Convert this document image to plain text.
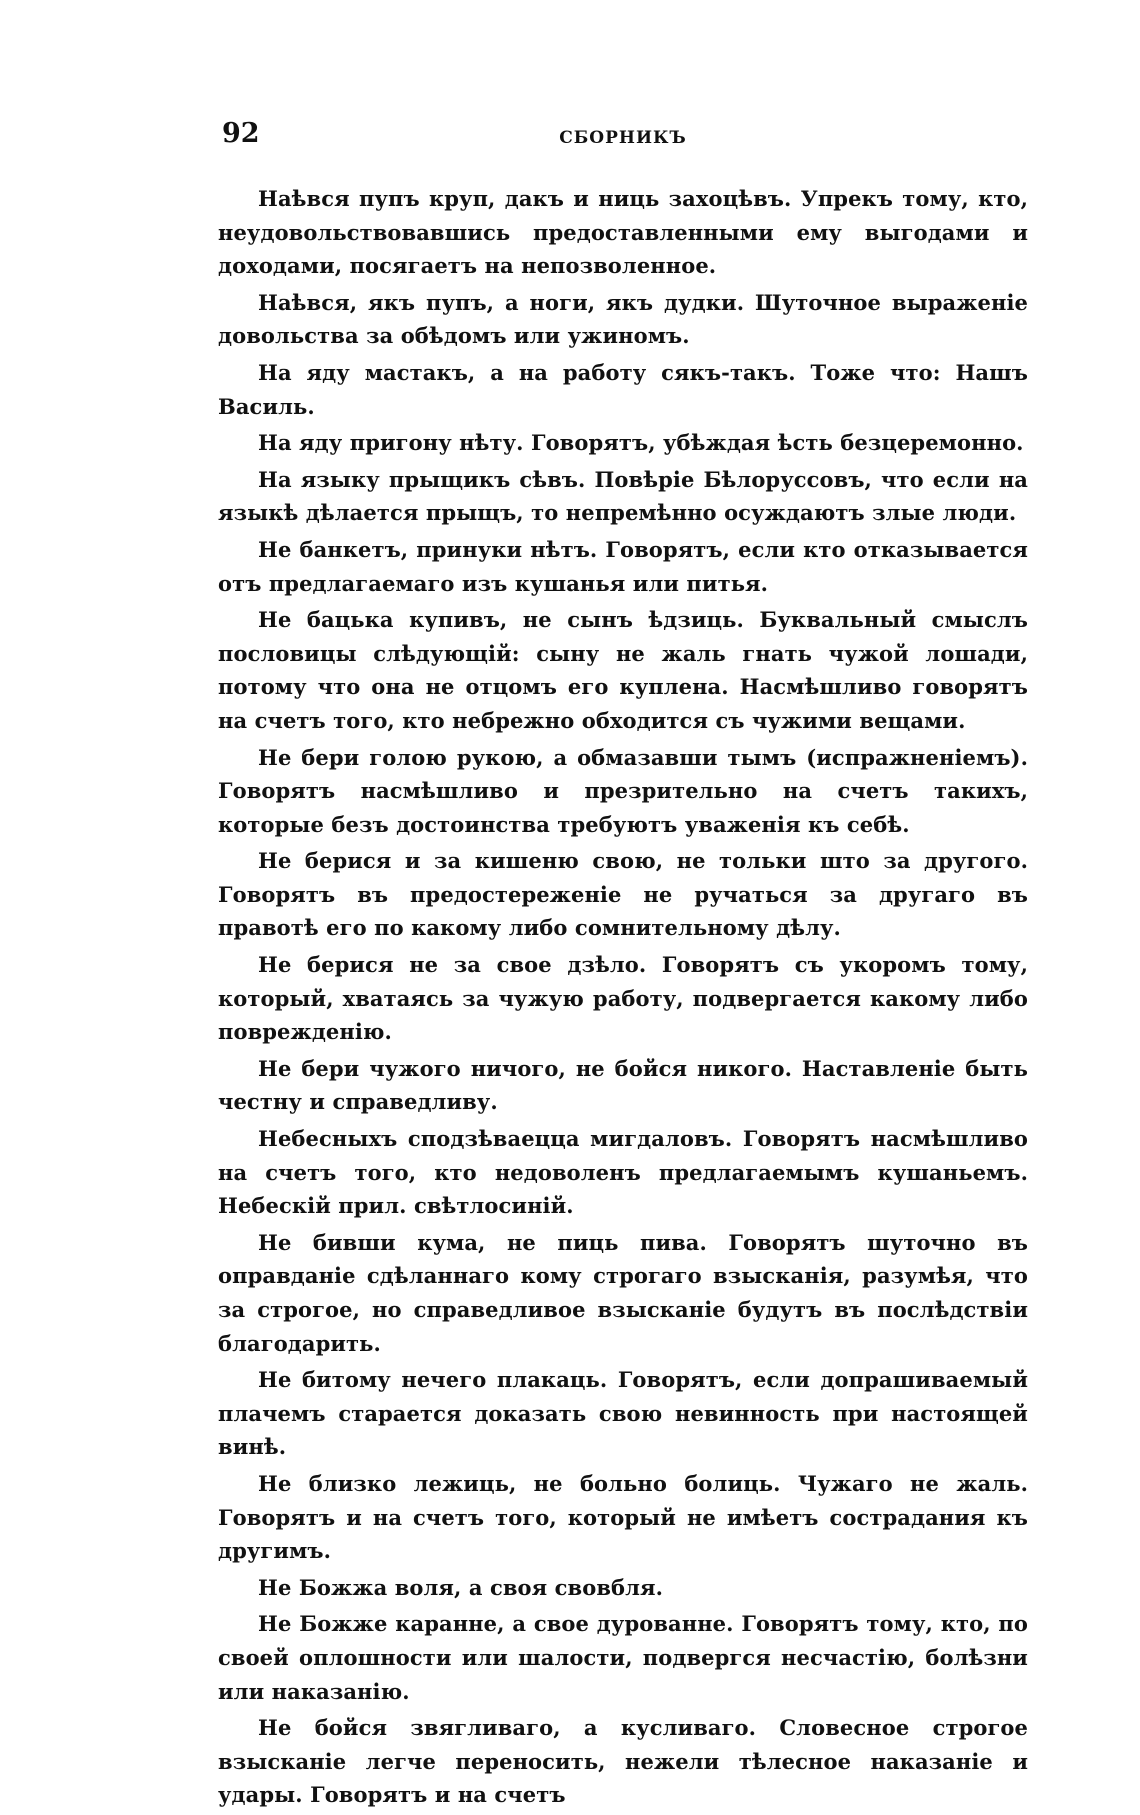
92	СБОРНИКЪ

Наѣвся пупъ круп, дакъ и ниць захоцѣвъ. Упрекъ тому, кто, неудовольствовавшись предоставленными ему выгодами и доходами, посягаетъ на непозволенное.

Наѣвся, якъ пупъ, а ноги, якъ дудки. Шуточное выраженіе довольства за обѣдомъ или ужиномъ.

На яду мастакъ, а на работу сякъ-такъ. Тоже что: Нашъ Василь.

На яду пригону нѣту. Говорятъ, убѣждая ѣсть безцеремонно.

На языку прыщикъ сѣвъ. Повѣріе Бѣлоруссовъ, что если на языкѣ дѣлается прыщъ, то непремѣнно осуждаютъ злые люди.

Не банкетъ, принуки нѣтъ. Говорятъ, если кто отказывается отъ предлагаемаго изъ кушанья или питья.

Не бацька купивъ, не сынъ ѣдзиць. Буквальный смыслъ пословицы слѣдующій: сыну не жаль гнать чужой лошади, потому что она не отцомъ его куплена. Насмѣшливо говорятъ на счетъ того, кто небрежно обходится съ чужими вещами.

Не бери голою рукою, а обмазавши тымъ (испражненіемъ). Говорятъ насмѣшливо и презрительно на счетъ такихъ, которые безъ достоинства требуютъ уваженія къ себѣ.

Не берися и за кишеню свою, не тольки што за другого. Говорятъ въ предостереженіе не ручаться за другаго въ правотѣ его по какому либо сомнительному дѣлу.

Не берися не за свое дзѣло. Говорятъ съ укоромъ тому, который, хватаясь за чужую работу, подвергается какому либо поврежденію.

Не бери чужого ничого, не бойся никого. Наставленіе быть честну и справедливу.

Небесныхъ сподзѣваецца мигдаловъ. Говорятъ насмѣшливо на счетъ того, кто недоволенъ предлагаемымъ кушаньемъ. Небескій прил. свѣтлосиній.

Не бивши кума, не пиць пива. Говорятъ шуточно въ оправданіе сдѣланнаго кому строгаго взысканія, разумѣя, что за строгое, но справедливое взысканіе будутъ въ послѣдствіи благодарить.

Не битому нечего плакаць. Говорятъ, если допрашиваемый плачемъ старается доказать свою невинность при настоящей винѣ.

Не близко лежиць, не больно болиць. Чужаго не жаль. Говорятъ и на счетъ того, который не имѣетъ сострадания къ другимъ.

Не Божжа воля, а своя свовбля.

Не Божже каранне, а свое дурованне. Говорятъ тому, кто, по своей оплошности или шалости, подвергся несчастію, болѣзни или наказанію.

Не бойся звягливаго, а кусливаго. Словесное строгое взысканіе легче переносить, нежели тѣлесное наказаніе и удары. Говорятъ и на счетъ
